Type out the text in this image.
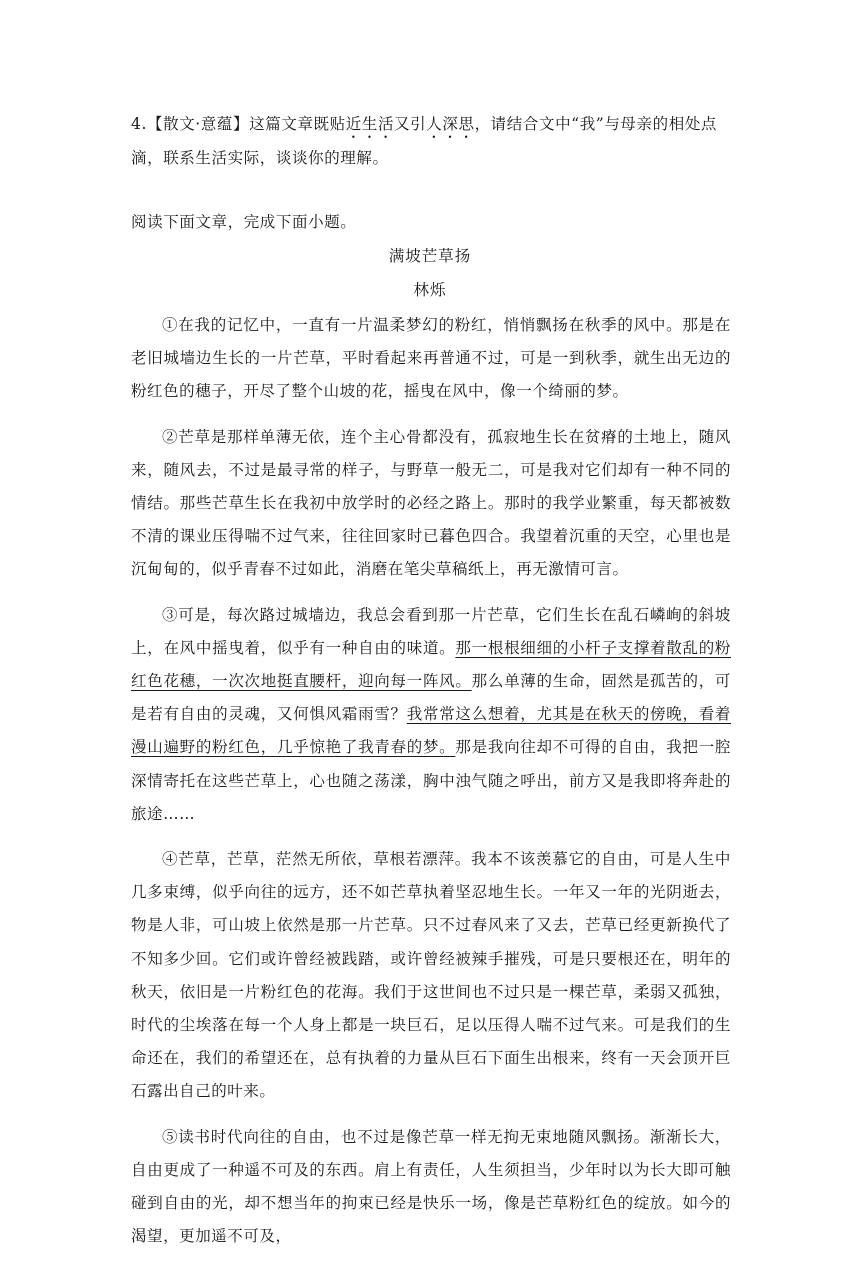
4.【散文·意蕴】这篇文章既贴近生活又引人深思，请结合文中“我”与母亲的相处点滴，联系生活实际，谈谈你的理解。
阅读下面文章，完成下面小题。
满坡芒草扬
林烁

①在我的记忆中，一直有一片温柔梦幻的粉红，悄悄飘扬在秋季的风中。那是在老旧城墙边生长的一片芒草，平时看起来再普通不过，可是一到秋季，就生出无边的粉红色的穗子，开尽了整个山坡的花，摇曳在风中，像一个绮丽的梦。

②芒草是那样单薄无依，连个主心骨都没有，孤寂地生长在贫瘠的土地上，随风来，随风去，不过是最寻常的样子，与野草一般无二，可是我对它们却有一种不同的情结。那些芒草生长在我初中放学时的必经之路上。那时的我学业繁重，每天都被数不清的课业压得喘不过气来，往往回家时已暮色四合。我望着沉重的天空，心里也是沉甸甸的，似乎青春不过如此，消磨在笔尖草稿纸上，再无激情可言。

③可是，每次路过城墙边，我总会看到那一片芒草，它们生长在乱石嶙峋的斜坡上，在风中摇曳着，似乎有一种自由的味道。那一根根细细的小杆子支撑着散乱的粉红色花穗，一次次地挺直腰杆，迎向每一阵风。那么单薄的生命，固然是孤苦的，可是若有自由的灵魂，又何惧风霜雨雪？我常常这么想着，尤其是在秋天的傍晚，看着漫山遍野的粉红色，几乎惊艳了我青春的梦。那是我向往却不可得的自由，我把一腔深情寄托在这些芒草上，心也随之荡漾，胸中浊气随之呼出，前方又是我即将奔赴的旅途……

④芒草，芒草，茫然无所依，草根若漂萍。我本不该羡慕它的自由，可是人生中几多束缚，似乎向往的远方，还不如芒草执着坚忍地生长。一年又一年的光阴逝去，物是人非，可山坡上依然是那一片芒草。只不过春风来了又去，芒草已经更新换代了不知多少回。它们或许曾经被践踏，或许曾经被辣手摧残，可是只要根还在，明年的秋天，依旧是一片粉红色的花海。我们于这世间也不过只是一棵芒草，柔弱又孤独，时代的尘埃落在每一个人身上都是一块巨石，足以压得人喘不过气来。可是我们的生命还在，我们的希望还在，总有执着的力量从巨石下面生出根来，终有一天会顶开巨石露出自己的叶来。

⑤读书时代向往的自由，也不过是像芒草一样无拘无束地随风飘扬。渐渐长大，自由更成了一种遥不可及的东西。肩上有责任，人生须担当，少年时以为长大即可触碰到自由的光，却不想当年的拘束已经是快乐一场，像是芒草粉红色的绽放。如今的渴望，更加遥不可及，
